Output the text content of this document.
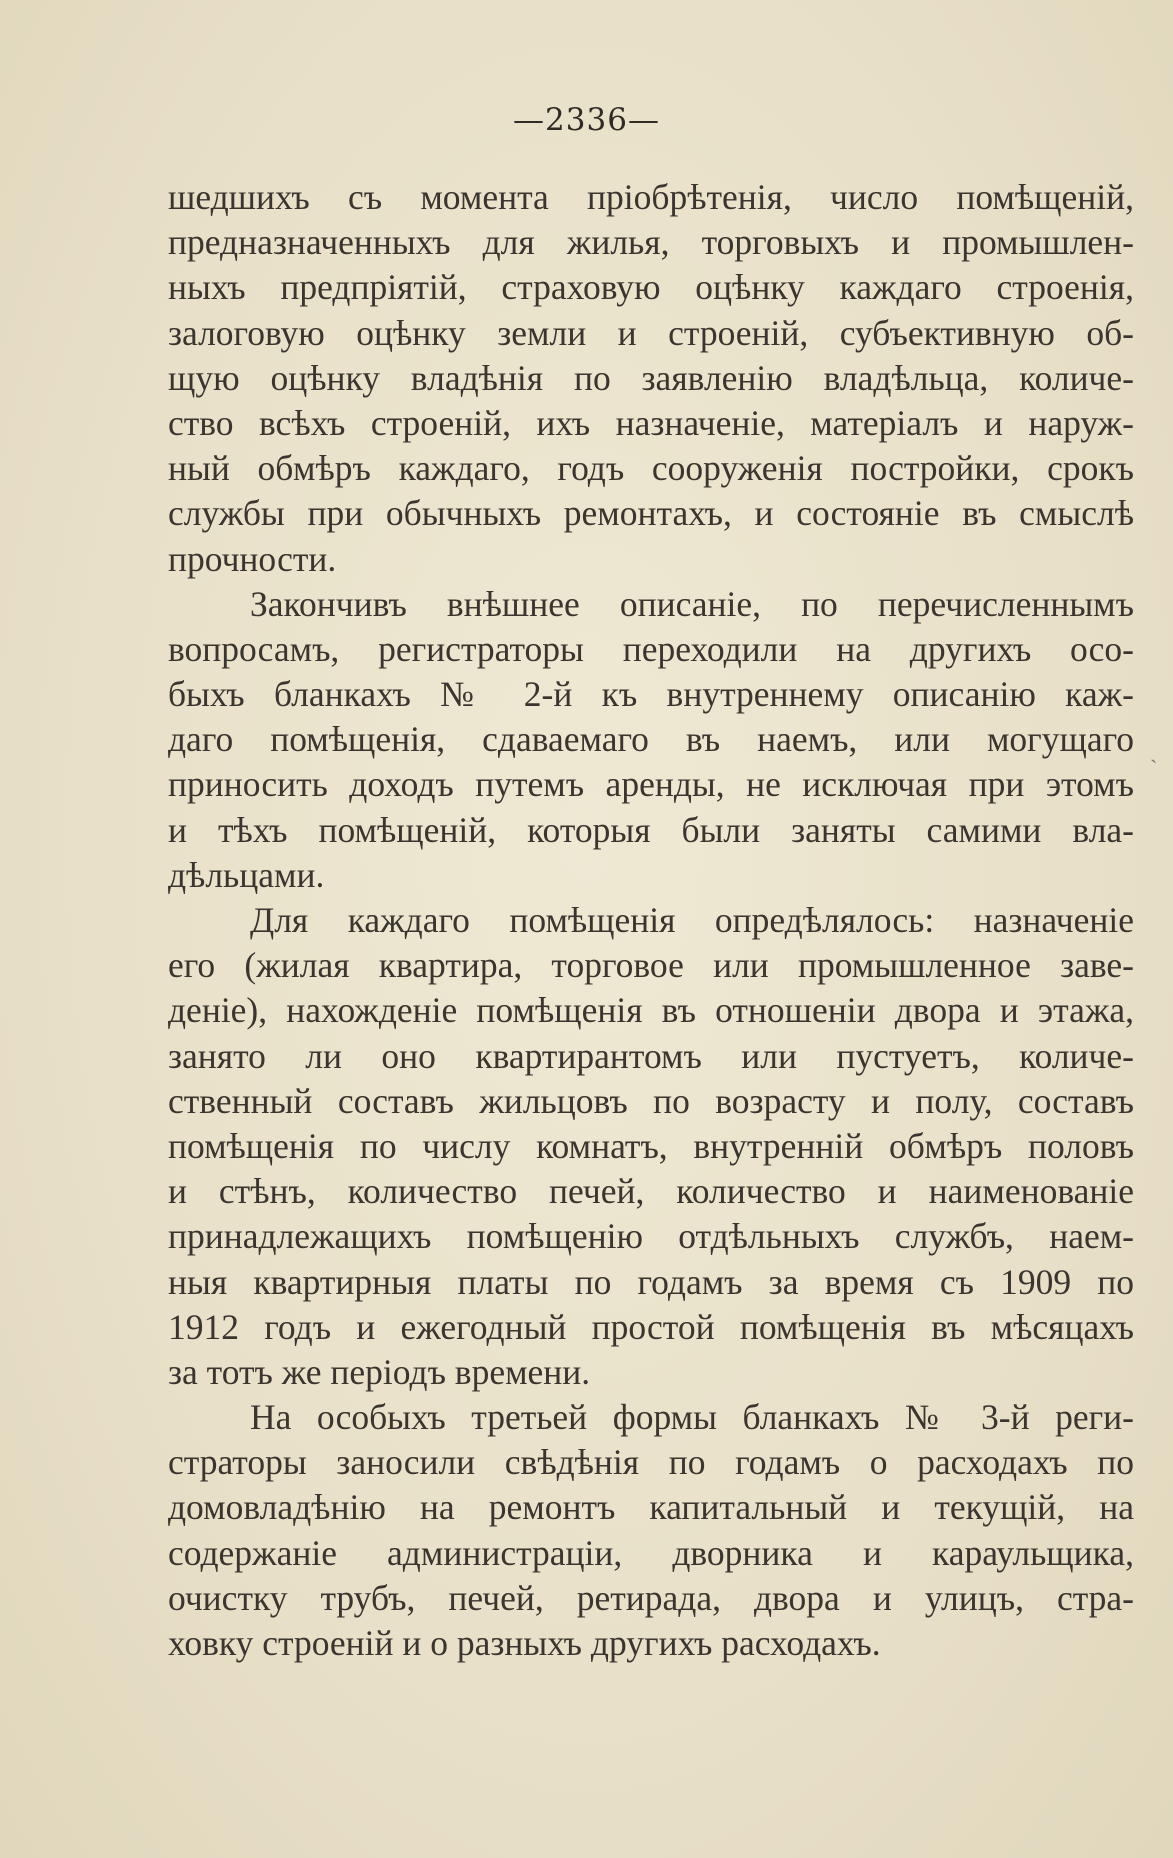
—2336—
шедшихъ съ момента пріобрѣтенія, число помѣщеній,
предназначенныхъ для жилья, торговыхъ и промышлен-
ныхъ предпріятій, страховую оцѣнку каждаго строенія,
залоговую оцѣнку земли и строеній, субъективную об-
щую оцѣнку владѣнія по заявленію владѣльца, количе-
ство всѣхъ строеній, ихъ назначеніе, матеріалъ и наруж-
ный обмѣръ каждаго, годъ сооруженія постройки, срокъ
службы при обычныхъ ремонтахъ, и состояніе въ смыслѣ
прочности.
Закончивъ внѣшнее описаніе, по перечисленнымъ
вопросамъ, регистраторы переходили на другихъ осо-
быхъ бланкахъ № 2-й къ внутреннему описанію каж-
даго помѣщенія, сдаваемаго въ наемъ, или могущаго
приносить доходъ путемъ аренды, не исключая при этомъ
и тѣхъ помѣщеній, которыя были заняты самими вла-
дѣльцами.
Для каждаго помѣщенія опредѣлялось: назначеніе
его (жилая квартира, торговое или промышленное заве-
деніе), нахожденіе помѣщенія въ отношеніи двора и этажа,
занято ли оно квартирантомъ или пустуетъ, количе-
ственный составъ жильцовъ по возрасту и полу, составъ
помѣщенія по числу комнатъ, внутренній обмѣръ половъ
и стѣнъ, количество печей, количество и наименованіе
принадлежащихъ помѣщенію отдѣльныхъ службъ, наем-
ныя квартирныя платы по годамъ за время съ 1909 по
1912 годъ и ежегодный простой помѣщенія въ мѣсяцахъ
за тотъ же періодъ времени.
На особыхъ третьей формы бланкахъ № 3-й реги-
страторы заносили свѣдѣнія по годамъ о расходахъ по
домовладѣнію на ремонтъ капитальный и текущій, на
содержаніе администраціи, дворника и караульщика,
очистку трубъ, печей, ретирада, двора и улицъ, стра-
ховку строеній и о разныхъ другихъ расходахъ.
ˎ
